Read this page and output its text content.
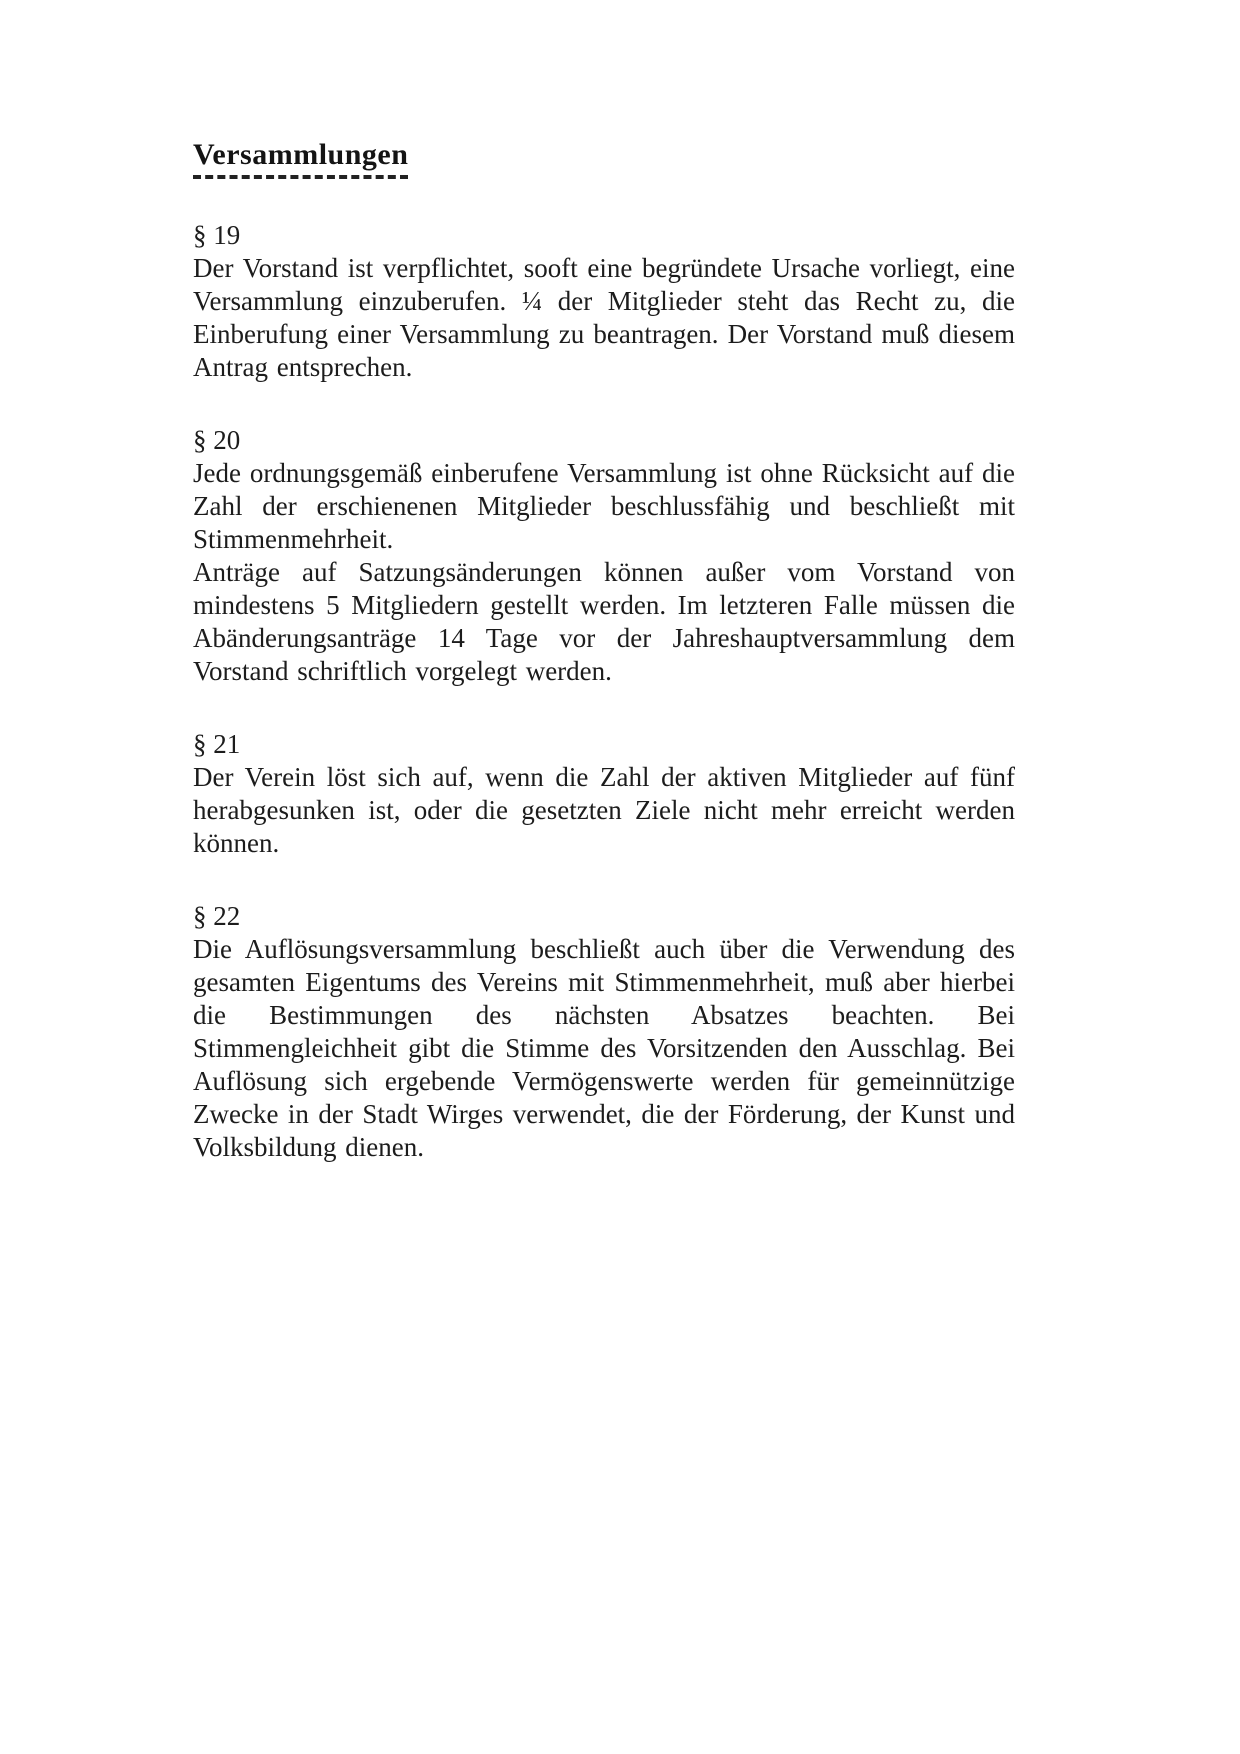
Versammlungen
§ 19

Der Vorstand ist verpflichtet, sooft eine begründete Ursache vorliegt, eine Versammlung einzuberufen. ¼ der Mitglieder steht das Recht zu, die Einberufung einer Versammlung zu beantragen. Der Vorstand muß diesem Antrag entsprechen.

§ 20

Jede ordnungsgemäß einberufene Versammlung ist ohne Rücksicht auf die Zahl der erschienenen Mitglieder beschlussfähig und beschließt mit Stimmenmehrheit.

Anträge auf Satzungsänderungen können außer vom Vorstand von mindestens 5 Mitgliedern gestellt werden. Im letzteren Falle müssen die Abänderungsanträge 14 Tage vor der Jahreshauptversammlung dem Vorstand schriftlich vorgelegt werden.

§ 21

Der Verein löst sich auf, wenn die Zahl der aktiven Mitglieder auf fünf herabgesunken ist, oder die gesetzten Ziele nicht mehr erreicht werden können.

§ 22

Die Auflösungsversammlung beschließt auch über die Verwendung des gesamten Eigentums des Vereins mit Stimmenmehrheit, muß aber hierbei die Bestimmungen des nächsten Absatzes beachten. Bei Stimmengleichheit gibt die Stimme des Vorsitzenden den Ausschlag. Bei Auflösung sich ergebende Vermögenswerte werden für gemeinnützige Zwecke in der Stadt Wirges verwendet, die der Förderung, der Kunst und Volksbildung dienen.
